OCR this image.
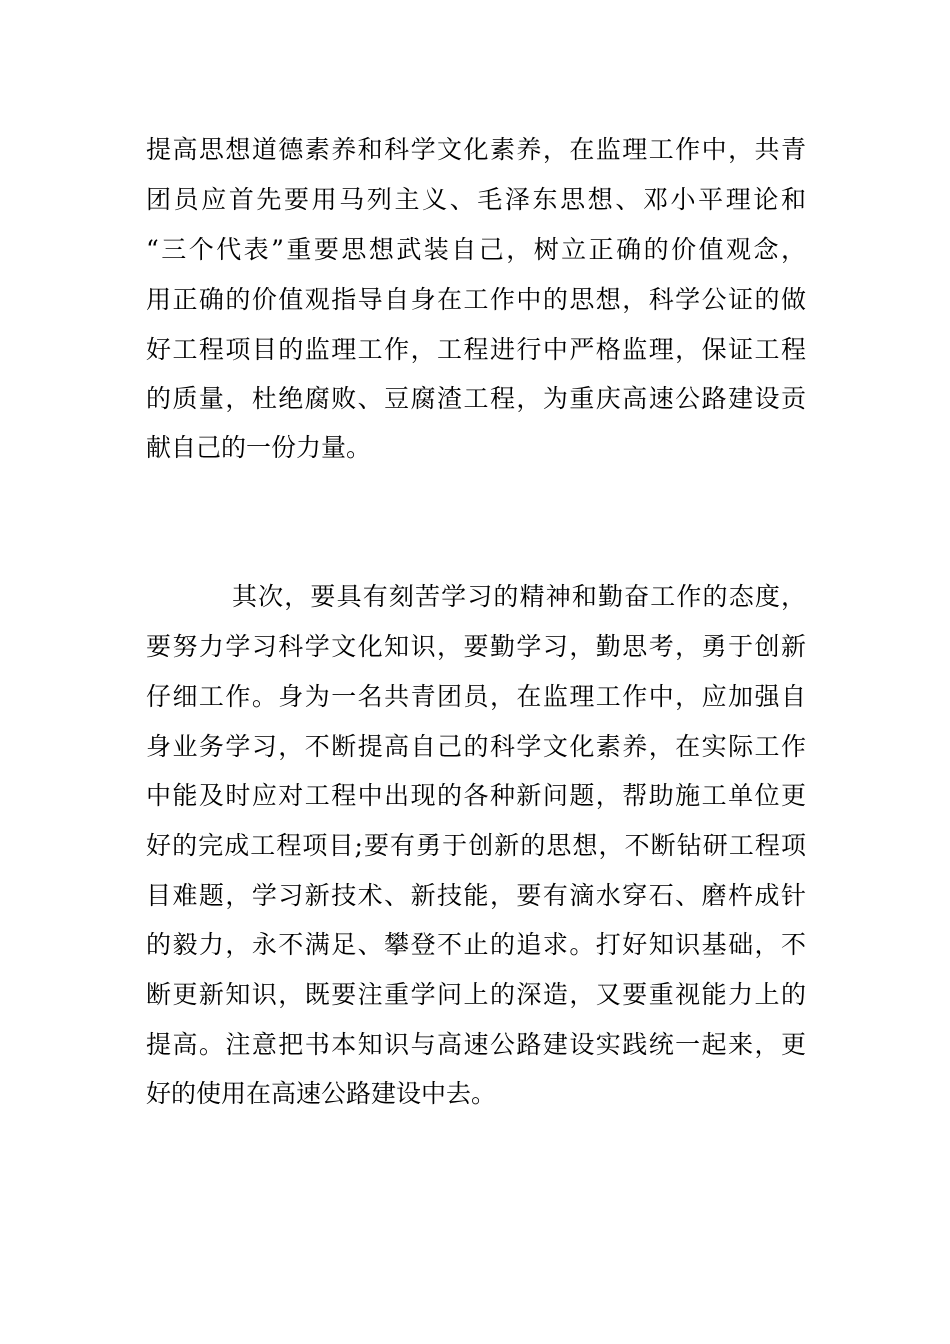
提高思想道德素养和科学文化素养，在监理工作中，共青

团员应首先要用马列主义、毛泽东思想、邓小平理论和

“三个代表”重要思想武装自己，树立正确的价值观念，

用正确的价值观指导自身在工作中的思想，科学公证的做

好工程项目的监理工作，工程进行中严格监理，保证工程

的质量，杜绝腐败、豆腐渣工程，为重庆高速公路建设贡

献自己的一份力量。

其次，要具有刻苦学习的精神和勤奋工作的态度，

要努力学习科学文化知识，要勤学习，勤思考，勇于创新

仔细工作。身为一名共青团员，在监理工作中，应加强自

身业务学习，不断提高自己的科学文化素养，在实际工作

中能及时应对工程中出现的各种新问题，帮助施工单位更

好的完成工程项目;要有勇于创新的思想，不断钻研工程项

目难题，学习新技术、新技能，要有滴水穿石、磨杵成针

的毅力，永不满足、攀登不止的追求。打好知识基础，不

断更新知识，既要注重学问上的深造，又要重视能力上的

提高。注意把书本知识与高速公路建设实践统一起来，更

好的使用在高速公路建设中去。
